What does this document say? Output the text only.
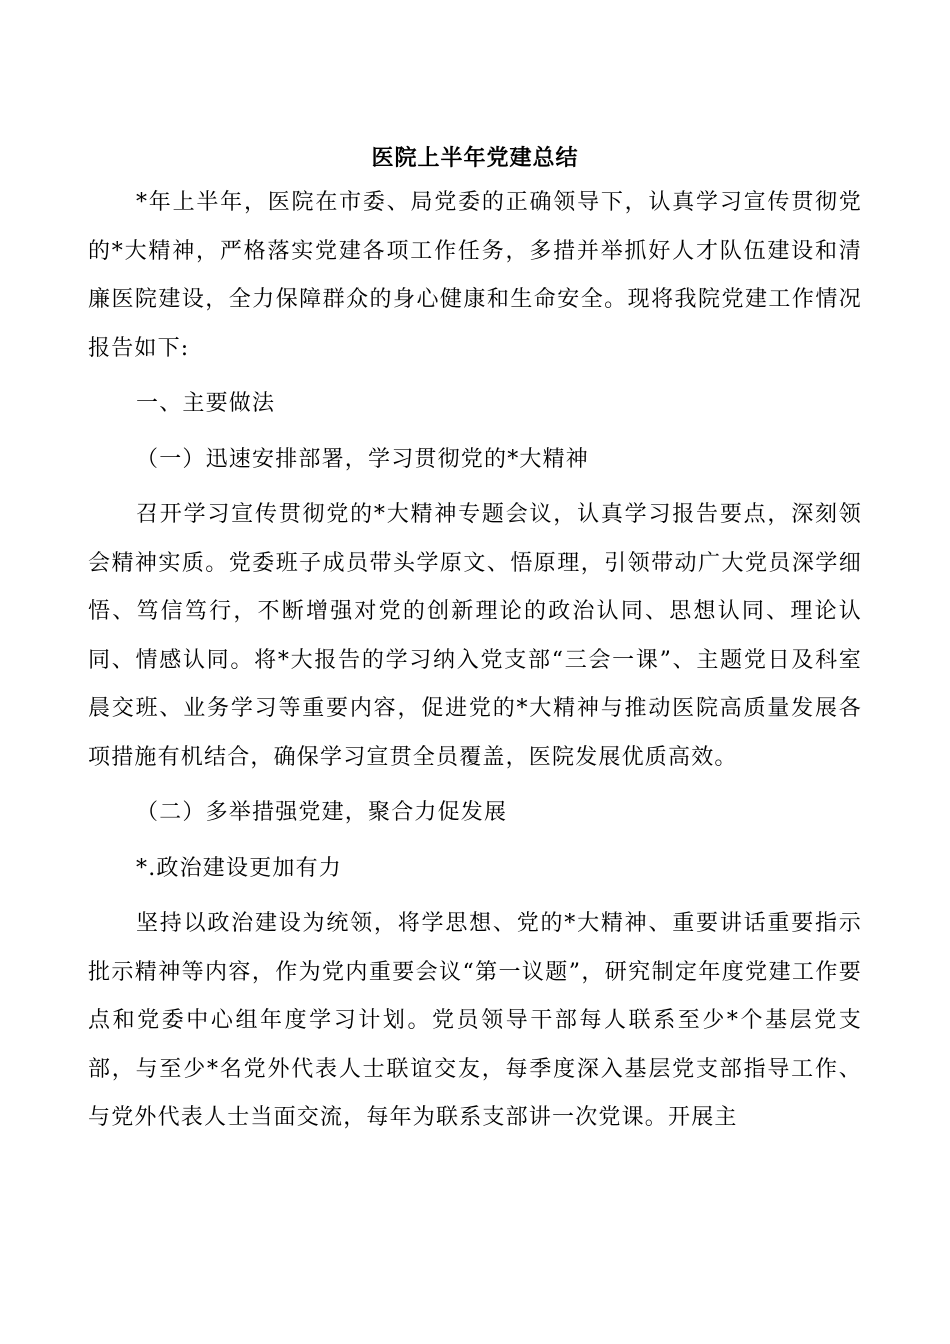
医院上半年党建总结

*年上半年，医院在市委、局党委的正确领导下，认真学习宣传贯彻党的*大精神，严格落实党建各项工作任务，多措并举抓好人才队伍建设和清廉医院建设，全力保障群众的身心健康和生命安全。现将我院党建工作情况报告如下:

一、主要做法

（一）迅速安排部署，学习贯彻党的*大精神

召开学习宣传贯彻党的*大精神专题会议，认真学习报告要点，深刻领会精神实质。党委班子成员带头学原文、悟原理，引领带动广大党员深学细悟、笃信笃行，不断增强对党的创新理论的政治认同、思想认同、理论认同、情感认同。将*大报告的学习纳入党支部“三会一课”、主题党日及科室晨交班、业务学习等重要内容，促进党的*大精神与推动医院高质量发展各项措施有机结合，确保学习宣贯全员覆盖，医院发展优质高效。

（二）多举措强党建，聚合力促发展

*.政治建设更加有力

坚持以政治建设为统领，将学思想、党的*大精神、重要讲话重要指示批示精神等内容，作为党内重要会议“第一议题”，研究制定年度党建工作要点和党委中心组年度学习计划。党员领导干部每人联系至少*个基层党支部，与至少*名党外代表人士联谊交友，每季度深入基层党支部指导工作、与党外代表人士当面交流，每年为联系支部讲一次党课。开展主
